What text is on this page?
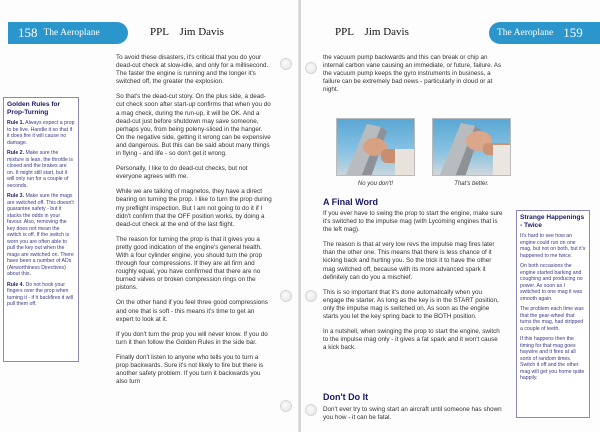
158 The Aeroplane	PPL    Jim Davis
Golden Rules for Prop-Turning

Rule 1. Always expect a prop to be live. Handle it so that if it does fire it will cause no damage.

Rule 2. Make sure the mixture is lean, the throttle is closed and the brakes are on. It might still start, but it will only run for a couple of seconds.

Rule 3. Make sure the mags are switched off. This doesn't guarantee safety - but it stacks the odds in your favour. Also, removing the key does not mean the switch is off. If the switch is worn you are often able to pull the key out when the mags are switched on. There have been a number of ADs (Airworthiness Directives) about this.

Rule 4. Do not hook your fingers over the prop when turning it - if it backfires it will pull them off.

To avoid these disasters, it's critical that you do your dead-cut check at slow-idle, and only for a millisecond. The faster the engine is running and the longer it's switched off, the greater the explosion.

So that's the dead-cut story. On the plus side, a dead-cut check soon after start-up confirms that when you do a mag check, during the run-up, it will be OK. And a dead-cut just before shutdown may save someone, perhaps you, from being poleny-sliced in the hanger. On the negative side, getting it wrong can be expensive and dangerous. But this can be said about many things in flying - and life - so don't get it wrong.

Personally, I like to do dead-cut checks, but not everyone agrees with me.

While we are talking of magnetos, they have a direct bearing on turning the prop. I like to turn the prop during my preflight inspection. But I am not going to do it if I didn't confirm that the OFF position works, by doing a dead-cut check at the end of the last flight.

The reason for turning the prop is that it gives you a pretty good indication of the engine's general health. With a four cylinder engine, you should turn the prop through four compressions. If they are all firm and roughly equal, you have confirmed that there are no burned valves or broken compression rings on the pistons.

On the other hand if you feel three good compressions and one that is soft - this means it's time to get an expert to look at it.

If you don't turn the prop you will never know. If you do turn it then follow the Golden Rules in the side bar.

Finally don't listen to anyone who tells you to turn a prop backwards. Sure it's not likely to fire but there is another safety problem. If you turn it backwards you also turn

PPL    Jim Davis	The Aeroplane 159

the vacuum pump backwards and this can break or chip an internal carbon vane causing an immediate, or future, failure. As the vacuum pump keeps the gyro instruments in business, a failure can be extremely bad news - particularly in cloud or at night.

No you don't!	That's better.
A Final Word

If you ever have to swing the prop to start the engine, make sure it's switched to the impulse mag (with Lycoming engines that is the left mag).

The reason is that at very low revs the impulse mag fires later than the other one. This means that there is less chance of it kicking back and hurting you. So the trick it to have the other mag switched off, because with its more advanced spark it definitely can do you a mischief.

This is so important that it's done automatically when you engage the starter. As long as the key is in the START position, only the impulse mag is switched on. As soon as the engine starts you let the key spring back to the BOTH position.

In a nutshell, when swinging the prop to start the engine, switch to the impulse mag only - it gives a fat spark and it won't cause a kick back.

Don't Do It

Don't ever try to swing start an aircraft until someone has shown you how - it can be fatal.

Strange Happenings - Twice

It's hard to see how an engine could run on one mag, but not on both, but it's happened to me twice.

On both occasions the engine started barking and coughing and producing no power. As soon as I switched to one mag it was smooth again.

The problem each time was that the gear-wheel that turns the mag, had stripped a couple of teeth.

If this happens then the timing for that mag goes haywire and it fires at all sorts of random times. Switch it off and the other mag will get you home quite happily.
